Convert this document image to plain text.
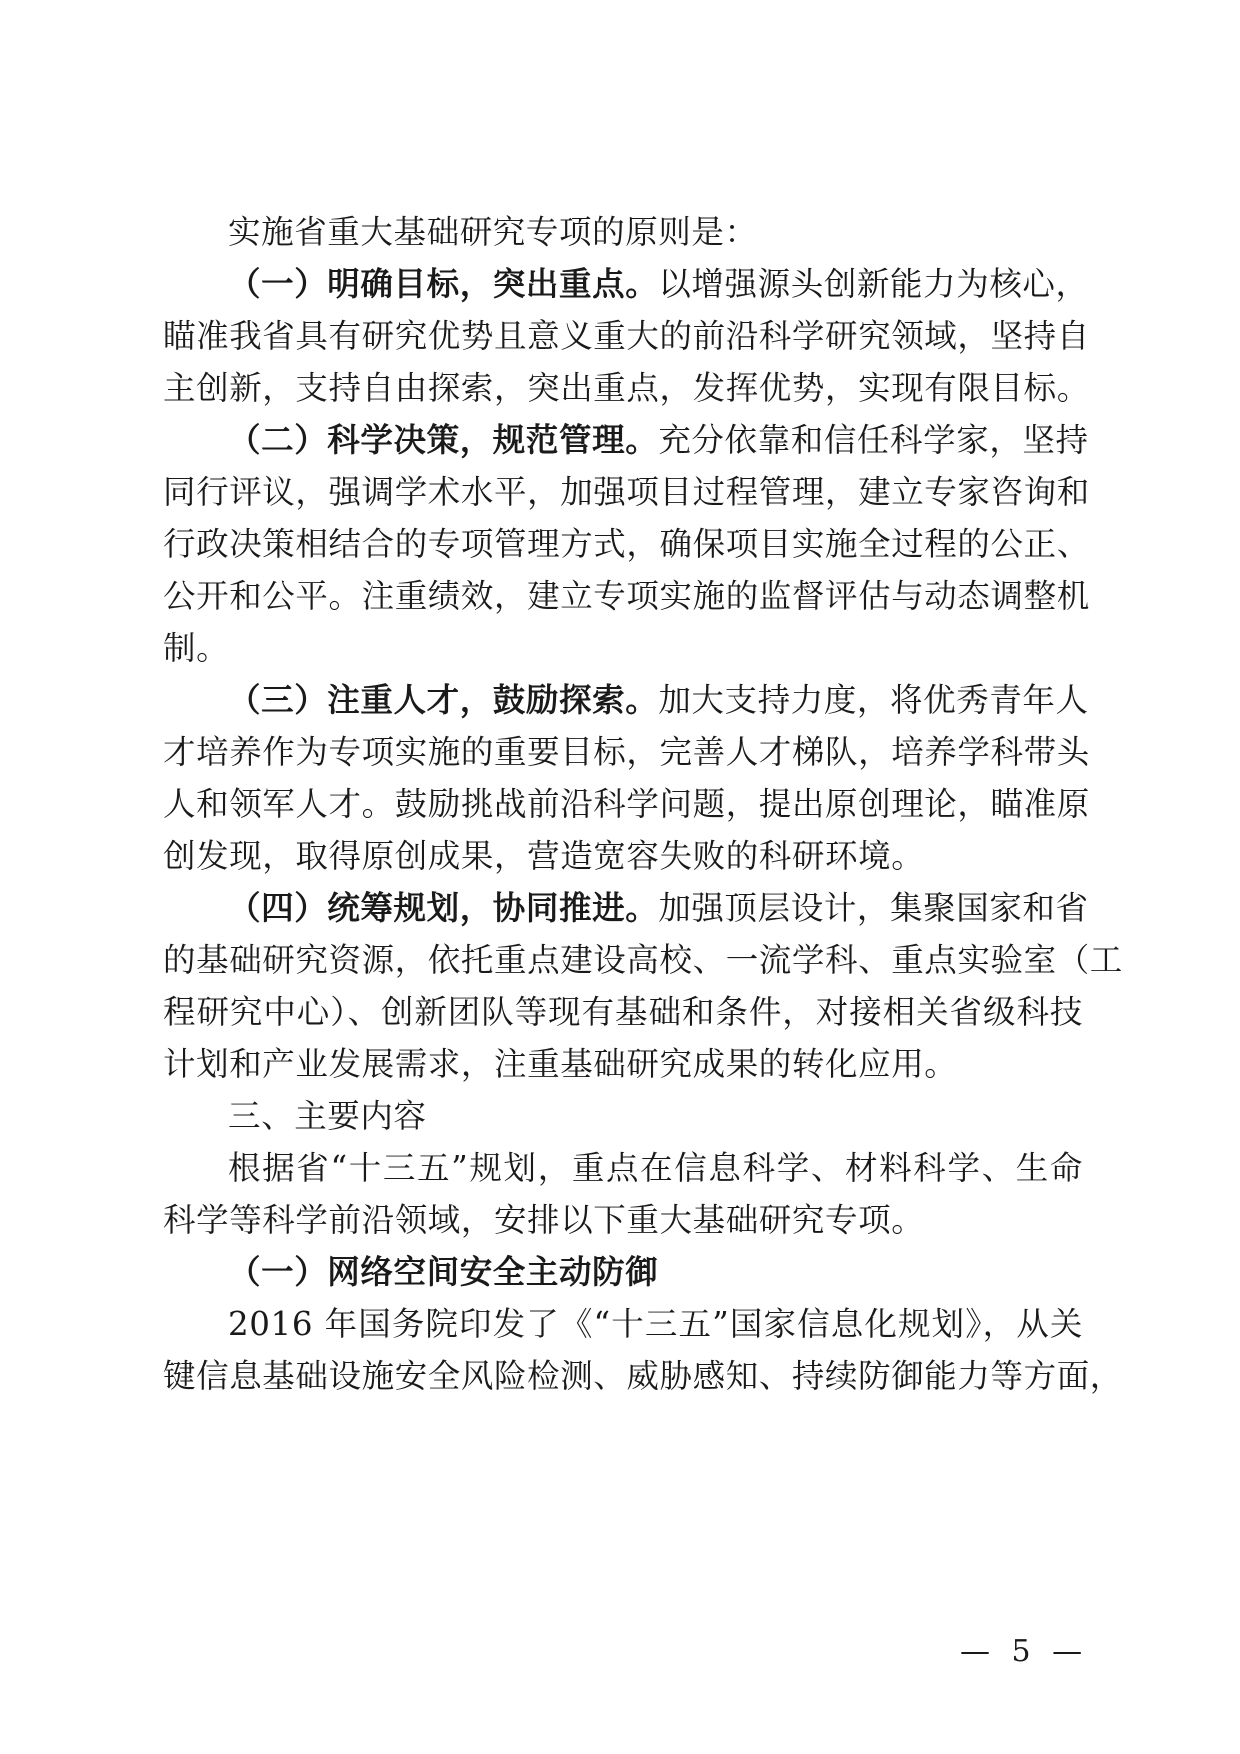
实施省重大基础研究专项的原则是：
（一）明确目标，突出重点。以增强源头创新能力为核心，
瞄准我省具有研究优势且意义重大的前沿科学研究领域，坚持自
主创新，支持自由探索，突出重点，发挥优势，实现有限目标。
（二）科学决策，规范管理。充分依靠和信任科学家，坚持
同行评议，强调学术水平，加强项目过程管理，建立专家咨询和
行政决策相结合的专项管理方式，确保项目实施全过程的公正、
公开和公平。注重绩效，建立专项实施的监督评估与动态调整机
制。
（三）注重人才，鼓励探索。加大支持力度，将优秀青年人
才培养作为专项实施的重要目标，完善人才梯队，培养学科带头
人和领军人才。鼓励挑战前沿科学问题，提出原创理论，瞄准原
创发现，取得原创成果，营造宽容失败的科研环境。
（四）统筹规划，协同推进。加强顶层设计，集聚国家和省
的基础研究资源，依托重点建设高校、一流学科、重点实验室（工
程研究中心）、创新团队等现有基础和条件，对接相关省级科技
计划和产业发展需求，注重基础研究成果的转化应用。
三、主要内容
根据省“十三五”规划，重点在信息科学、材料科学、生命
科学等科学前沿领域，安排以下重大基础研究专项。
（一）网络空间安全主动防御
2016 年国务院印发了《“十三五”国家信息化规划》，从关
键信息基础设施安全风险检测、威胁感知、持续防御能力等方面，
— 5 —
